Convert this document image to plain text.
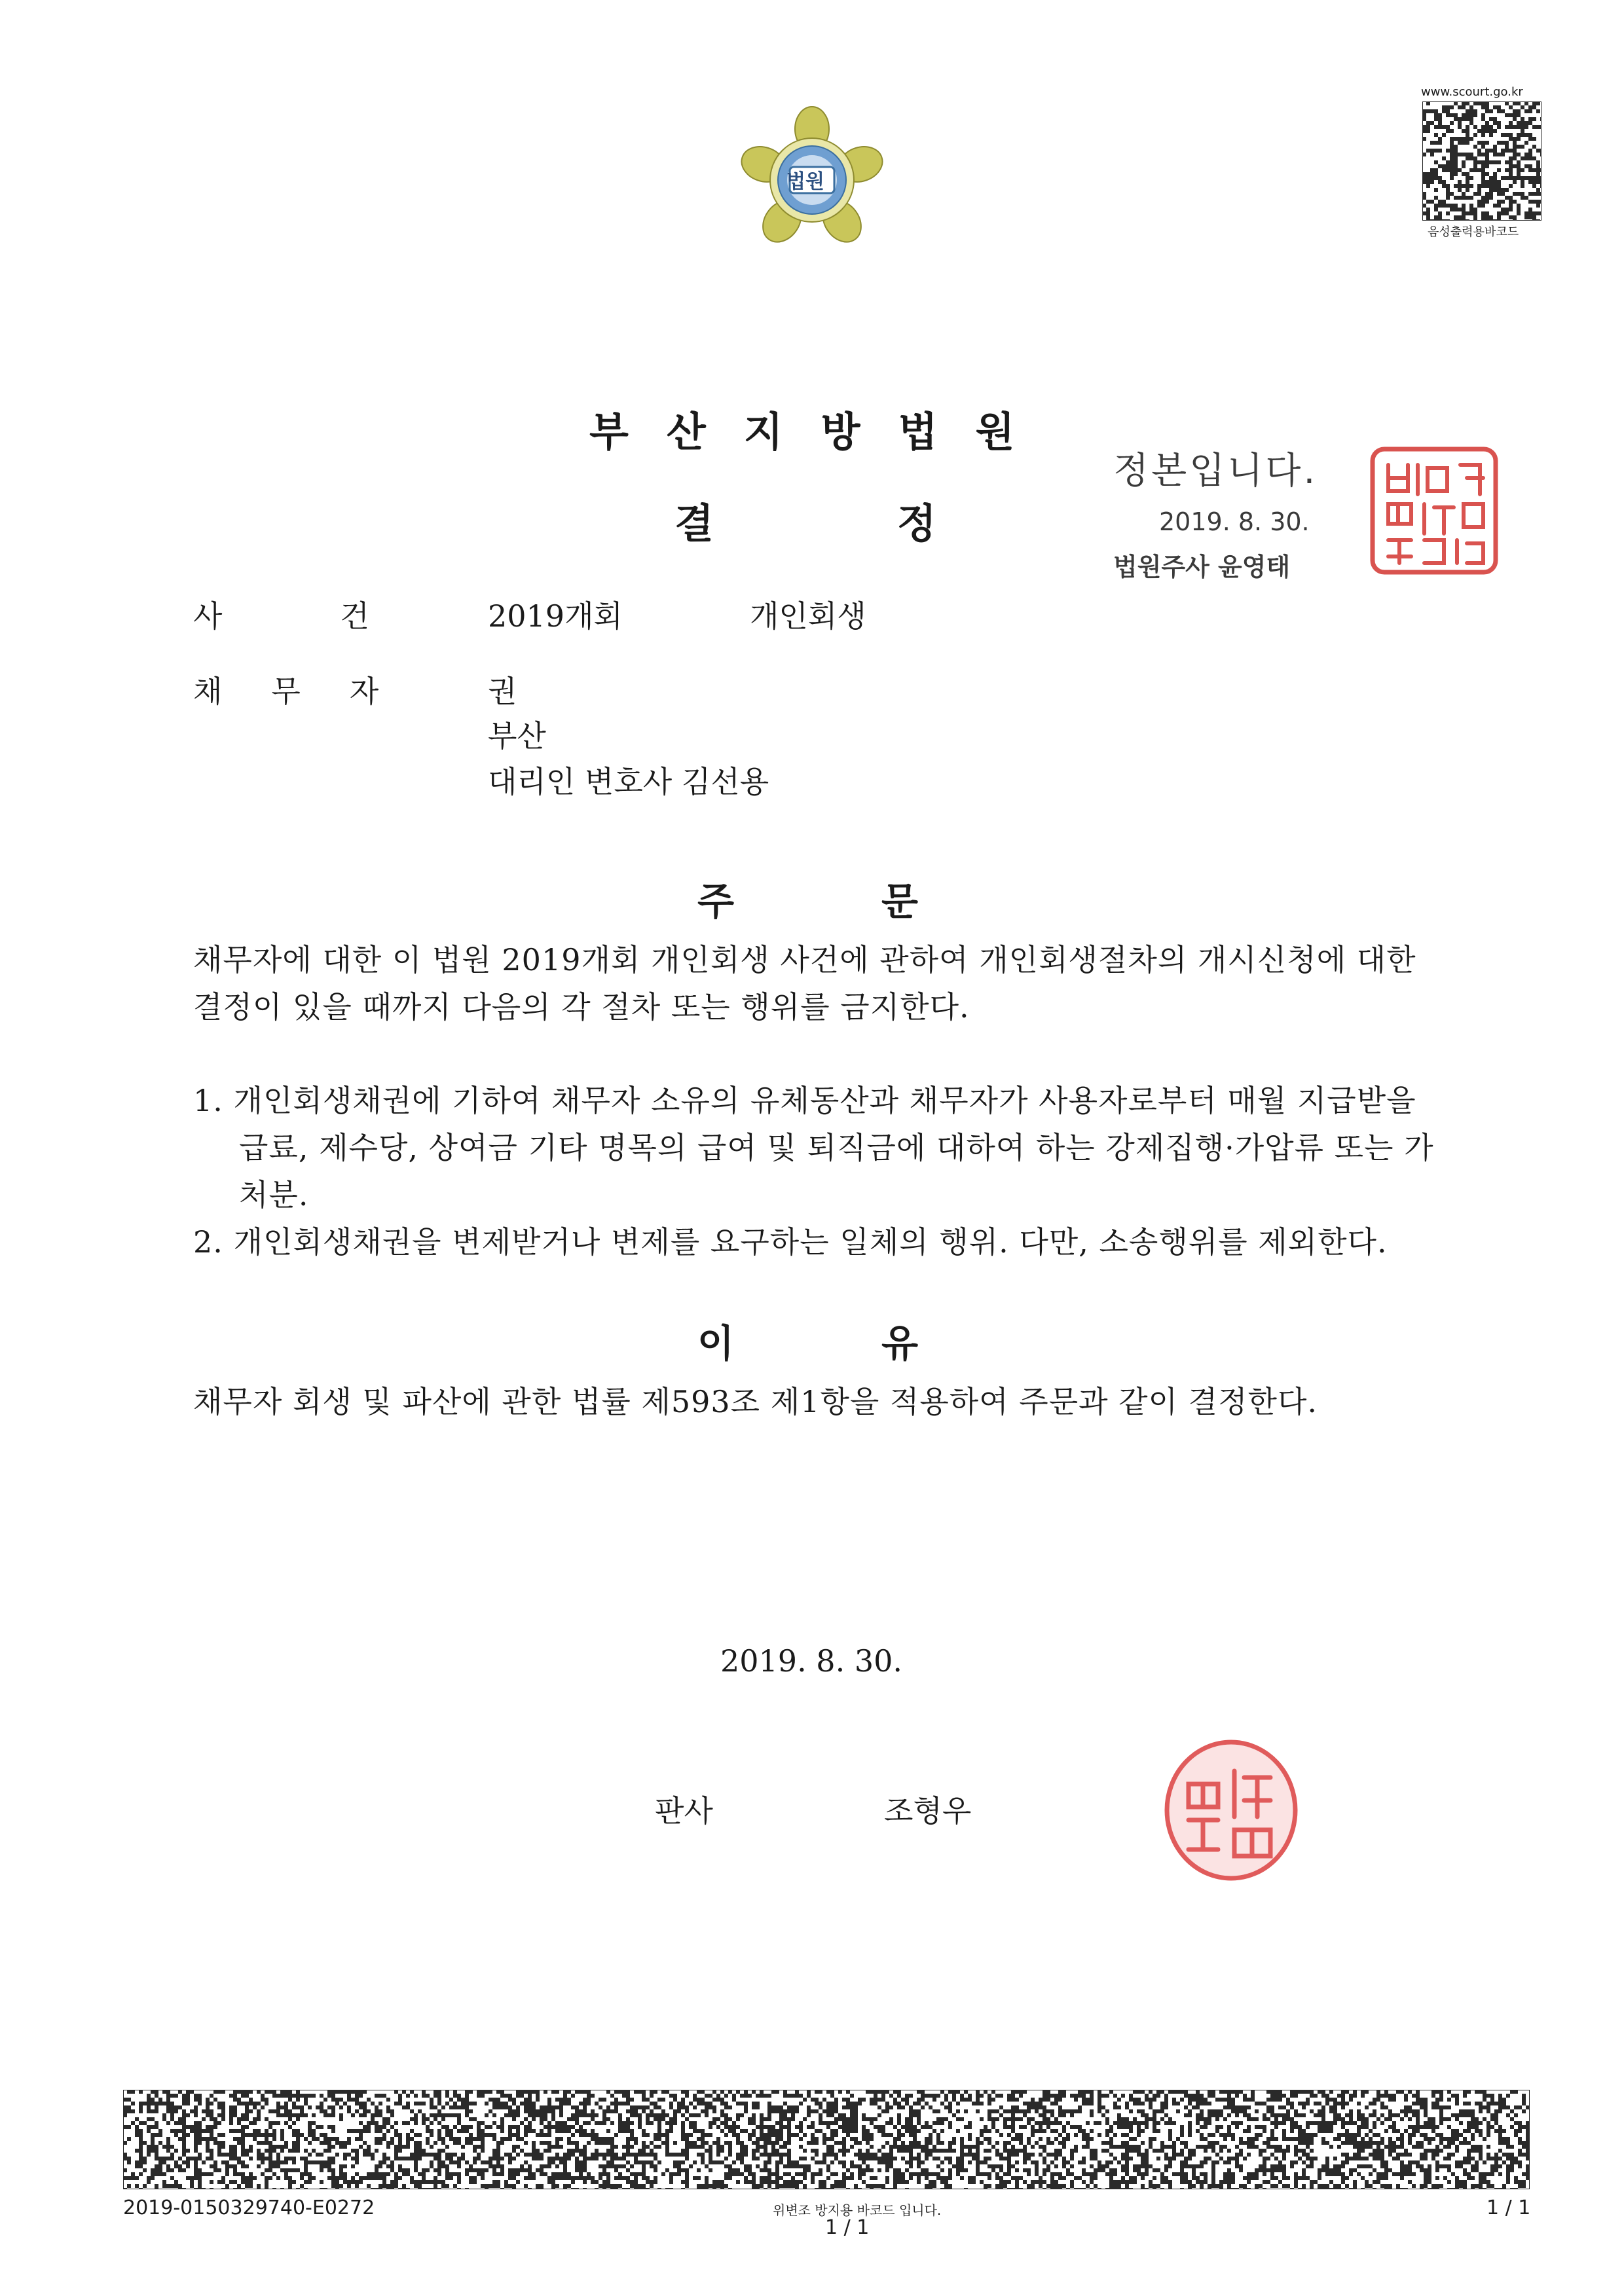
법원
www.scourt.go.kr
음성출력용바코드
부산지방법원
결정
정본입니다.
2019. 8. 30.
법원주사 윤영태
사건 2019개회	개인회생
채무자 권
부산
대리인 변호사 김선용
주문
채무자에 대한 이 법원 2019개회 개인회생 사건에 관하여 개인회생절차의 개시신청에 대한 결정이 있을 때까지 다음의 각 절차 또는 행위를 금지한다.
1. 개인회생채권에 기하여 채무자 소유의 유체동산과 채무자가 사용자로부터 매월 지급받을 급료, 제수당, 상여금 기타 명목의 급여 및 퇴직금에 대하여 하는 강제집행·가압류 또는 가처분.
2. 개인회생채권을 변제받거나 변제를 요구하는 일체의 행위. 다만, 소송행위를 제외한다.
이유
채무자 회생 및 파산에 관한 법률 제593조 제1항을 적용하여 주문과 같이 결정한다.
2019. 8. 30.
판사	조형우
2019-0150329740-E0272	위변조 방지용 바코드 입니다.
1 / 1
1 / 1
